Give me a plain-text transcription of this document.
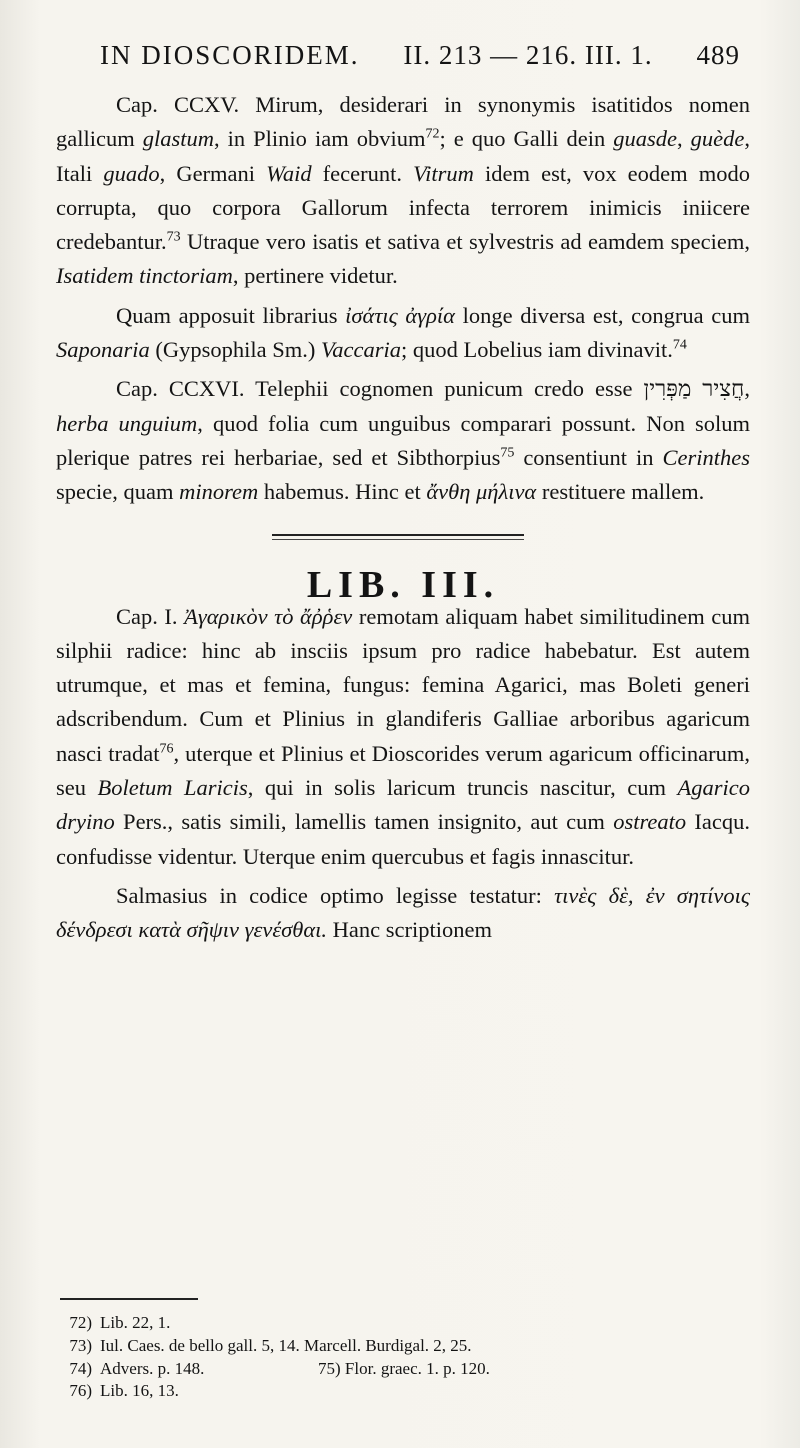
IN DIOSCORIDEM. II. 213 — 216. III. 1. 489

Cap. CCXV. Mirum, desiderari in synonymis isatitidos nomen gallicum glastum, in Plinio iam obvium$^{72}$; e quo Galli dein guasde, guède, Itali guado, Germani Waid fecerunt. Vitrum idem est, vox eodem modo corrupta, quo corpora Gallorum infecta terrorem inimicis iniicere credebantur.$^{73}$ Utraque vero isatis et sativa et sylvestris ad eamdem speciem, Isatidem tinctoriam, pertinere videtur.

Quam apposuit librarius ἰσάτις ἀγρία longe diversa est, congrua cum Saponaria (Gypsophila Sm.) Vaccaria; quod Lobelius iam divinavit.$^{74}$

Cap. CCXVI. Telephii cognomen punicum credo esse חֲצִיר מַפְּרִין, herba unguium, quod folia cum unguibus comparari possunt. Non solum plerique patres rei herbariae, sed et Sibthorpius$^{75}$ consentiunt in Cerinthes specie, quam minorem habemus. Hinc et ἄνθη μήλινα restituere mallem.

LIB. III.

Cap. I. Ἀγαρικὸν τὸ ἄῤῥεν remotam aliquam habet similitudinem cum silphii radice: hinc ab insciis ipsum pro radice habebatur. Est autem utrumque, et mas et femina, fungus: femina Agarici, mas Boleti generi adscribendum. Cum et Plinius in glandiferis Galliae arboribus agaricum nasci tradat$^{76}$, uterque et Plinius et Dioscorides verum agaricum officinarum, seu Boletum Laricis, qui in solis laricum truncis nascitur, cum Agarico dryino Pers., satis simili, lamellis tamen insignito, aut cum ostreato Iacqu. confudisse videntur. Uterque enim quercubus et fagis innascitur.

Salmasius in codice optimo legisse testatur: τινὲς δὲ, ἐν σητίνοις δένδρεσι κατὰ σῆψιν γενέσθαι. Hanc scriptionem

72) Lib. 22, 1.
73) Iul. Caes. de bello gall. 5, 14. Marcell. Burdigal. 2, 25.
74) Advers. p. 148.	75) Flor. graec. 1. p. 120.
76) Lib. 16, 13.
